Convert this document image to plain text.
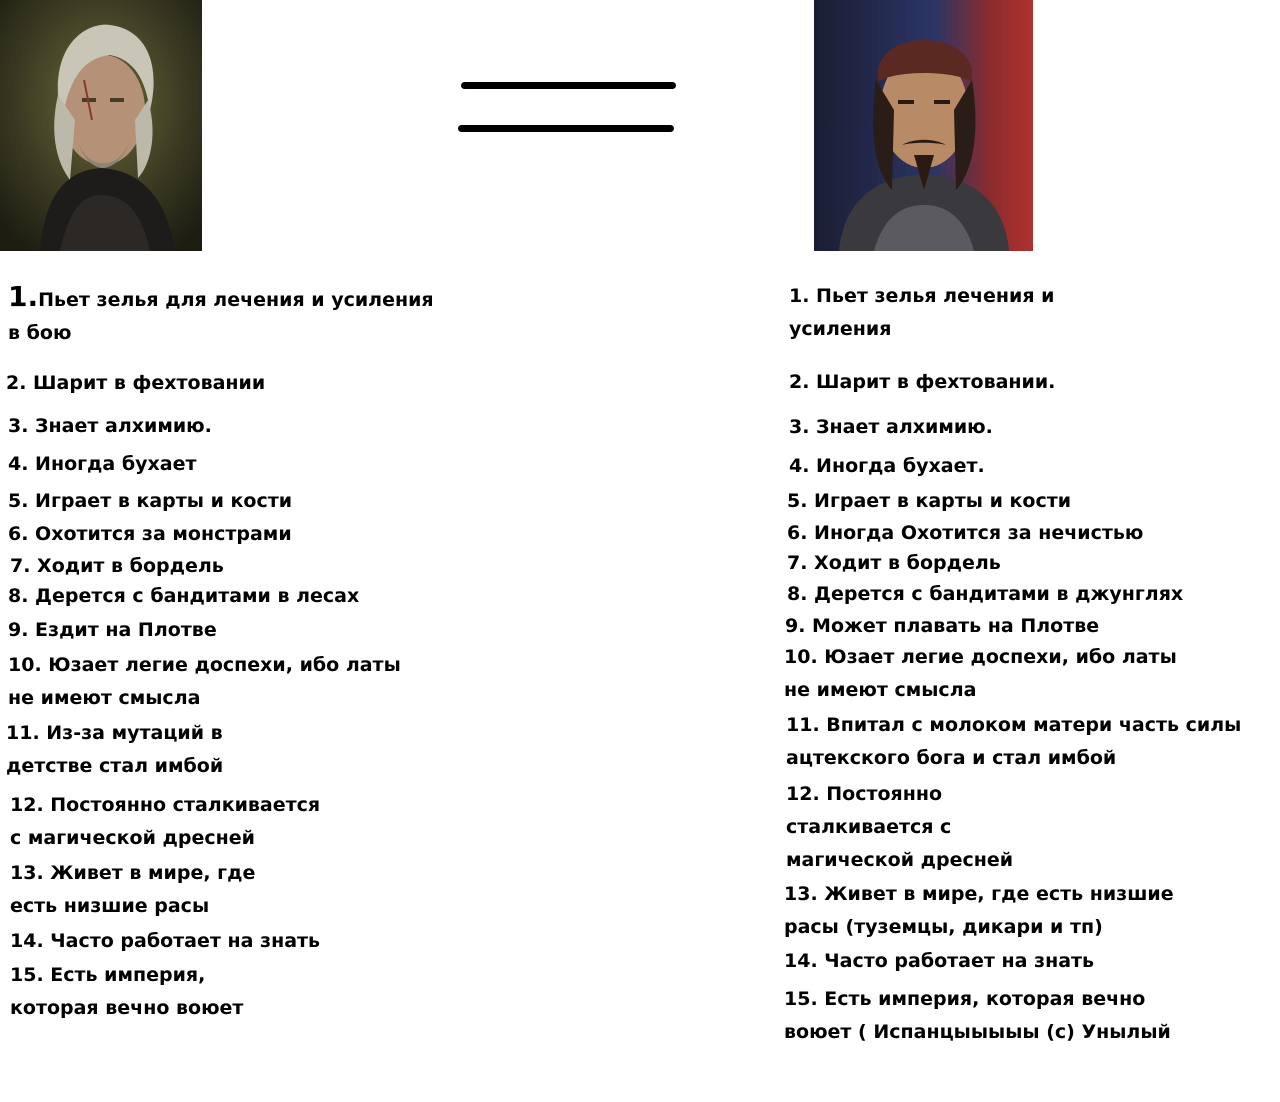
1.Пьет зелья для лечения и усиления
в бою
2. Шарит в фехтовании
3. Знает алхимию.
4. Иногда бухает
5. Играет в карты и кости
6. Охотится за монстрами
7. Ходит в бордель
8. Дерется с бандитами в лесах
9. Ездит на Плотве
10. Юзает легие доспехи, ибо латы
не имеют смысла
11. Из-за мутаций в
детстве стал имбой
12. Постоянно сталкивается
с магической дресней
13. Живет в мире, где
есть низшие расы
14. Часто работает на знать
15. Есть империя,
которая вечно воюет
1. Пьет зелья лечения и
усиления
2. Шарит в фехтовании.
3. Знает алхимию.
4. Иногда бухает.
5. Играет в карты и кости
6. Иногда Охотится за нечистью
7. Ходит в бордель
8. Дерется с бандитами в джунглях
9. Может плавать на Плотве
10. Юзает легие доспехи, ибо латы
не имеют смысла
11. Впитал с молоком матери часть силы
ацтекского бога и стал имбой
12. Постоянно
сталкивается с
магической дресней
13. Живет в мире, где есть низшие
расы (туземцы, дикари и тп)
14. Часто работает на знать
15. Есть империя, которая вечно
воюет ( Испанцыыыыы (с) Унылый
